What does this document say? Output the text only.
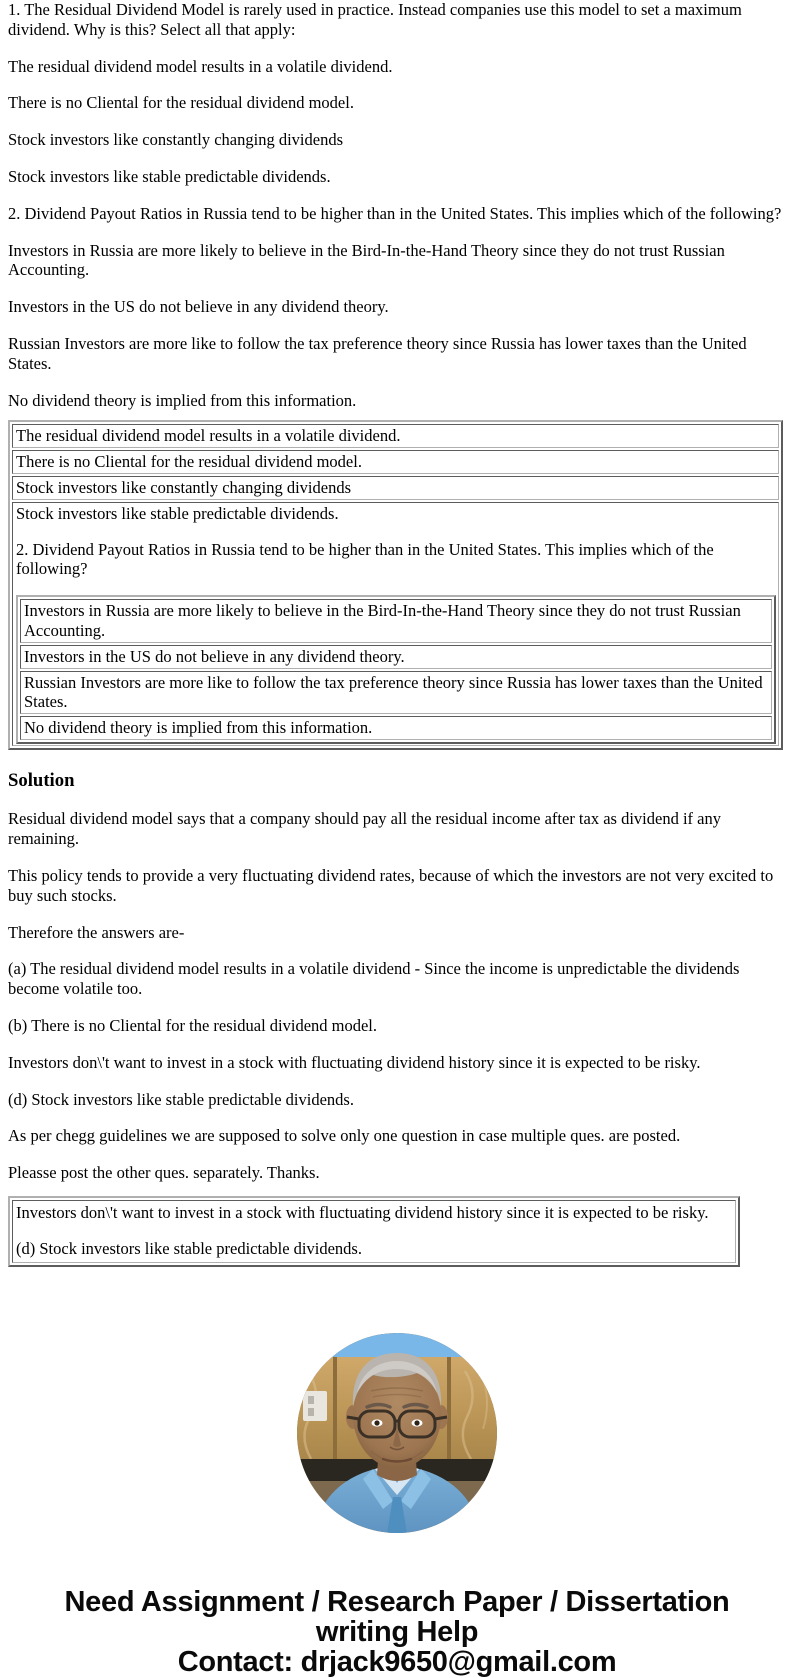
1. The Residual Dividend Model is rarely used in practice. Instead companies use this model to set a maximum dividend. Why is this? Select all that apply:

The residual dividend model results in a volatile dividend.

There is no Cliental for the residual dividend model.

Stock investors like constantly changing dividends

Stock investors like stable predictable dividends.

2. Dividend Payout Ratios in Russia tend to be higher than in the United States. This implies which of the following?

Investors in Russia are more likely to believe in the Bird-In-the-Hand Theory since they do not trust Russian Accounting.

Investors in the US do not believe in any dividend theory.

Russian Investors are more like to follow the tax preference theory since Russia has lower taxes than the United States.

No dividend theory is implied from this information.

The residual dividend model results in a volatile dividend.

There is no Cliental for the residual dividend model.

Stock investors like constantly changing dividends

Stock investors like stable predictable dividends.

2. Dividend Payout Ratios in Russia tend to be higher than in the United States. This implies which of the following?

Investors in Russia are more likely to believe in the Bird-In-the-Hand Theory since they do not trust Russian Accounting.

Investors in the US do not believe in any dividend theory.

Russian Investors are more like to follow the tax preference theory since Russia has lower taxes than the United States.

No dividend theory is implied from this information.

Solution

Residual dividend model says that a company should pay all the residual income after tax as dividend if any remaining.

This policy tends to provide a very fluctuating dividend rates, because of which the investors are not very excited to buy such stocks.

Therefore the answers are-

(a) The residual dividend model results in a volatile dividend - Since the income is unpredictable the dividends become volatile too.

(b) There is no Cliental for the residual dividend model.

Investors don\'t want to invest in a stock with fluctuating dividend history since it is expected to be risky.

(d) Stock investors like stable predictable dividends.

As per chegg guidelines we are supposed to solve only one question in case multiple ques. are posted.

Pleasse post the other ques. separately. Thanks.

Investors don\'t want to invest in a stock with fluctuating dividend history since it is expected to be risky.

(d) Stock investors like stable predictable dividends.

Need Assignment / Research Paper / Dissertation
writing Help
Contact: drjack9650@gmail.com
